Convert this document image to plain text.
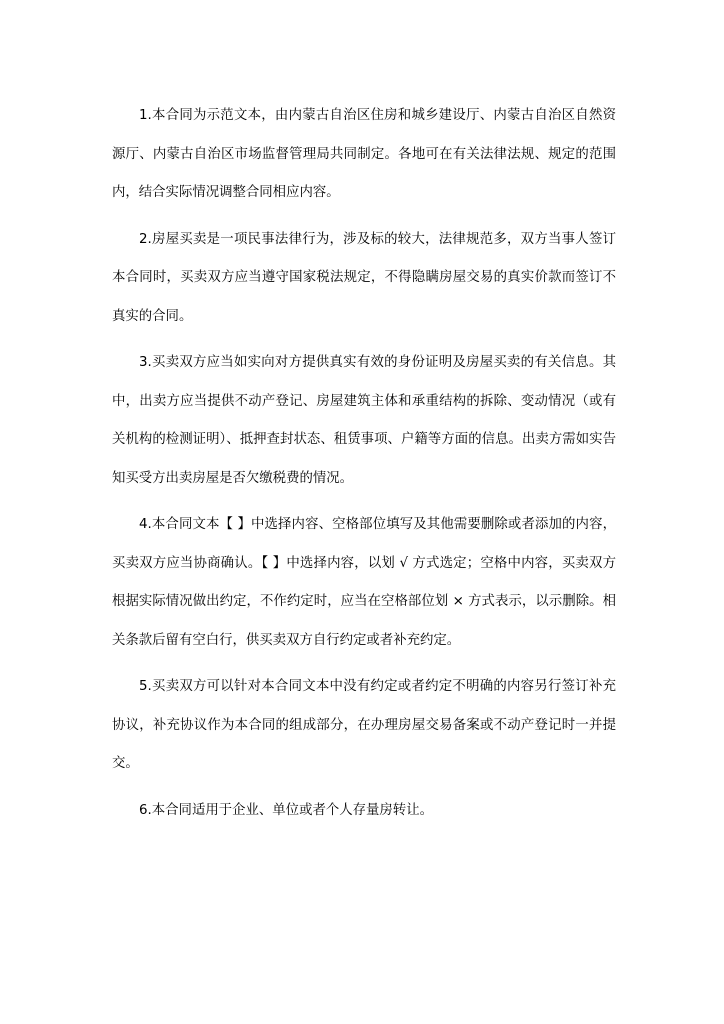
1.本合同为示范文本，由内蒙古自治区住房和城乡建设厅、内蒙古自治区自然资源厅、内蒙古自治区市场监督管理局共同制定。各地可在有关法律法规、规定的范围内，结合实际情况调整合同相应内容。

2.房屋买卖是一项民事法律行为，涉及标的较大，法律规范多，双方当事人签订本合同时，买卖双方应当遵守国家税法规定，不得隐瞒房屋交易的真实价款而签订不真实的合同。

3.买卖双方应当如实向对方提供真实有效的身份证明及房屋买卖的有关信息。其中，出卖方应当提供不动产登记、房屋建筑主体和承重结构的拆除、变动情况（或有关机构的检测证明）、抵押查封状态、租赁事项、户籍等方面的信息。出卖方需如实告知买受方出卖房屋是否欠缴税费的情况。

4.本合同文本【 】中选择内容、空格部位填写及其他需要删除或者添加的内容，买卖双方应当协商确认。【 】中选择内容，以划 √ 方式选定；空格中内容，买卖双方根据实际情况做出约定，不作约定时，应当在空格部位划 × 方式表示，以示删除。相关条款后留有空白行，供买卖双方自行约定或者补充约定。

5.买卖双方可以针对本合同文本中没有约定或者约定不明确的内容另行签订补充协议，补充协议作为本合同的组成部分，在办理房屋交易备案或不动产登记时一并提交。

6.本合同适用于企业、单位或者个人存量房转让。
